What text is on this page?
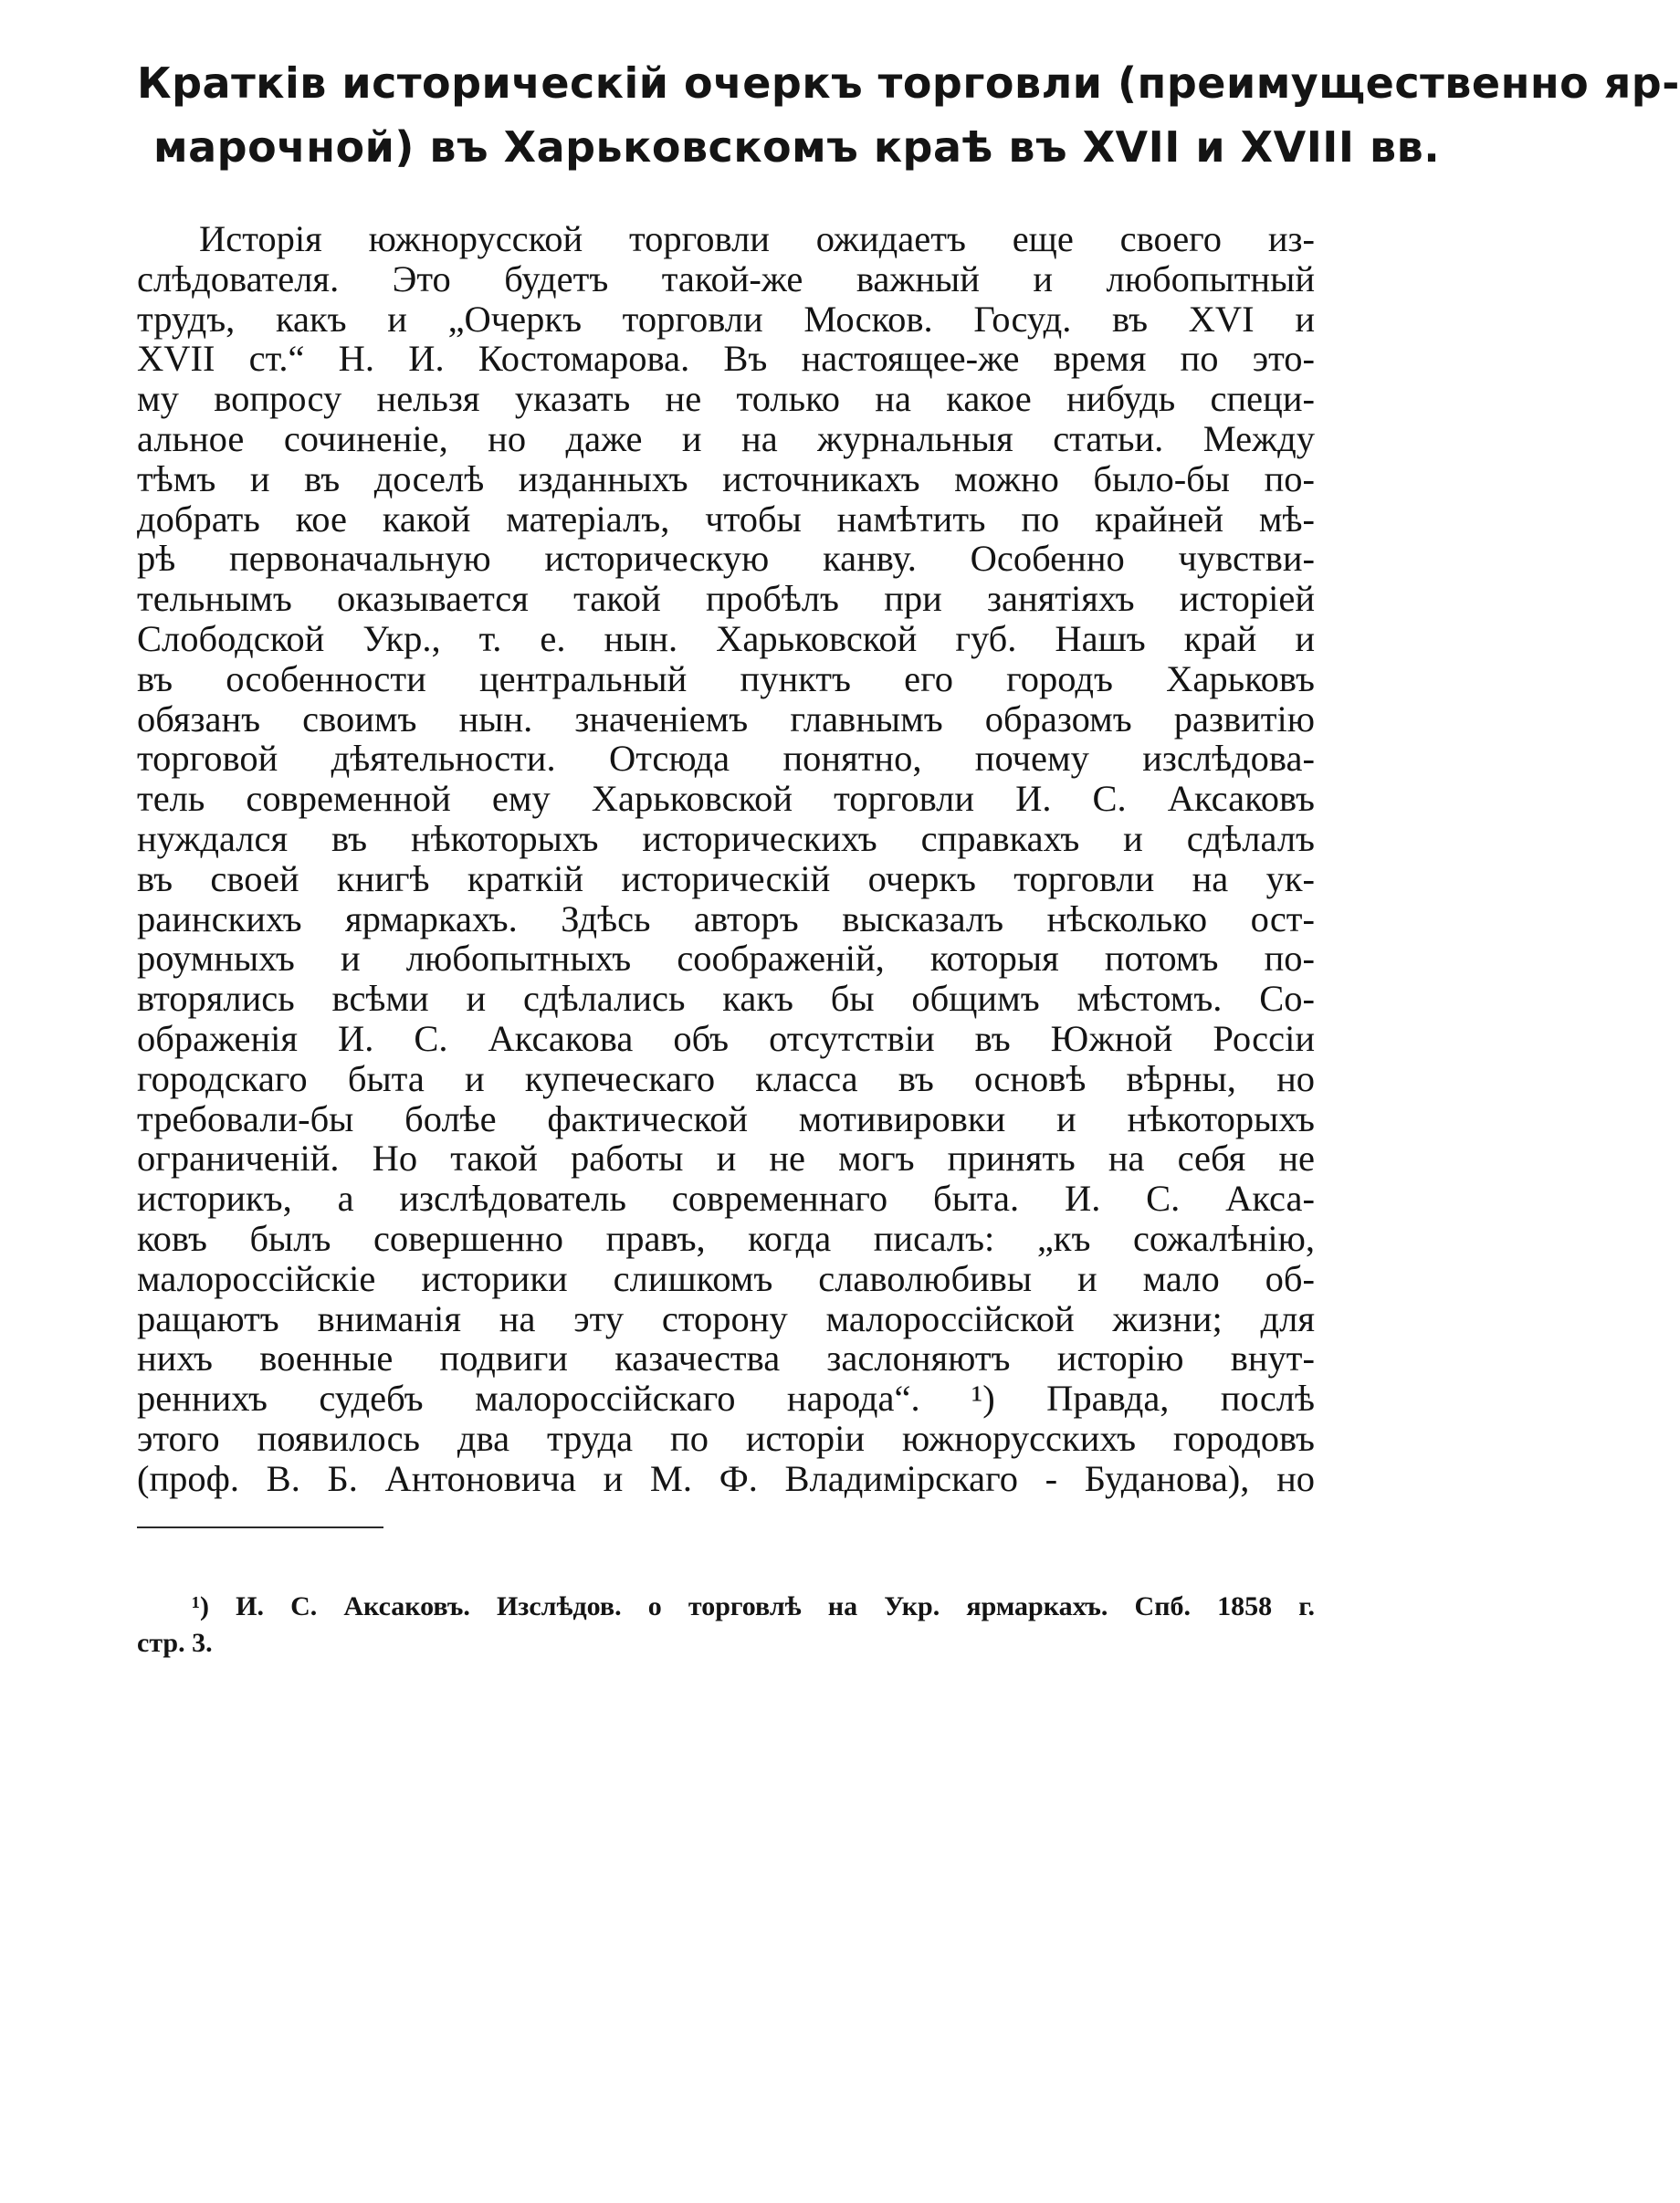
Кратків историческій очеркъ торговли (преимущественно яр-
марочной) въ Харьковскомъ краѣ въ XVII и XVIII вв.
Исторія южнорусской торговли ожидаетъ еще своего из-
слѣдователя. Это будетъ такой-же важный и любопытный
трудъ, какъ и „Очеркъ торговли Москов. Госуд. въ XVI и
XVII ст.“ Н. И. Костомарова. Въ настоящее-же время по это-
му вопросу нельзя указать не только на какое нибудь специ-
альное сочиненіе, но даже и на журнальныя статьи. Между
тѣмъ и въ доселѣ изданныхъ источникахъ можно было-бы по-
добрать кое какой матеріалъ, чтобы намѣтить по крайней мѣ-
рѣ первоначальную историческую канву. Особенно чувстви-
тельнымъ оказывается такой пробѣлъ при занятіяхъ исторіей
Слободской Укр., т. е. нын. Харьковской губ. Нашъ край и
въ особенности центральный пунктъ его городъ Харьковъ
обязанъ своимъ нын. значеніемъ главнымъ образомъ развитію
торговой дѣятельности. Отсюда понятно, почему изслѣдова-
тель современной ему Харьковской торговли И. С. Аксаковъ
нуждался въ нѣкоторыхъ историческихъ справкахъ и сдѣлалъ
въ своей книгѣ краткій историческій очеркъ торговли на ук-
раинскихъ ярмаркахъ. Здѣсь авторъ высказалъ нѣсколько ост-
роумныхъ и любопытныхъ соображеній, которыя потомъ по-
вторялись всѣми и сдѣлались какъ бы общимъ мѣстомъ. Со-
ображенія И. С. Аксакова объ отсутствіи въ Южной Россіи
городскаго быта и купеческаго класса въ основѣ вѣрны, но
требовали-бы болѣе фактической мотивировки и нѣкоторыхъ
ограниченій. Но такой работы и не могъ принять на себя не
историкъ, а изслѣдователь современнаго быта. И. С. Акса-
ковъ былъ совершенно правъ, когда писалъ: „къ сожалѣнію,
малороссійскіе историки слишкомъ славолюбивы и мало об-
ращаютъ вниманія на эту сторону малороссійской жизни; для
нихъ военные подвиги казачества заслоняютъ исторію внут-
реннихъ судебъ малороссійскаго народа“. ¹) Правда, послѣ
этого появилось два труда по исторіи южнорусскихъ городовъ
(проф. В. Б. Антоновича и М. Ф. Владимірскаго - Буданова), но
¹) И. С. Аксаковъ. Изслѣдов. о торговлѣ на Укр. ярмаркахъ. Спб. 1858 г.
стр. 3.
